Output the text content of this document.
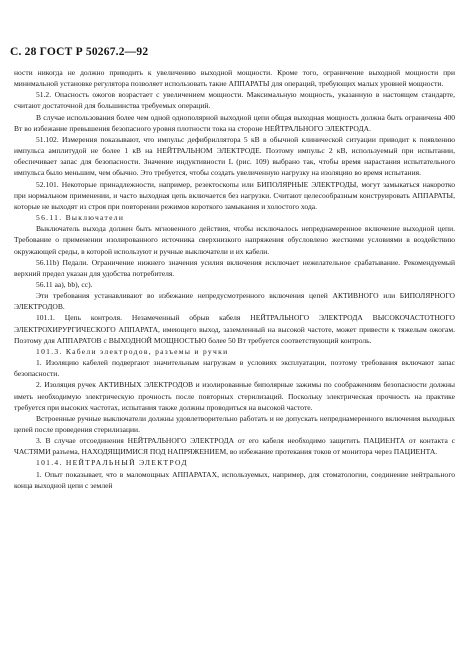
С. 28 ГОСТ Р 50267.2—92

ности никогда не должно приводить к увеличению выходной мощности. Кроме того, ограничение выходной мощности при минимальной установке регулятора позволяет использовать такие АППАРАТЫ для операций, требующих малых уровней мощности.

51.2. Опасность ожогов возрастает с увеличением мощности. Максимальную мощность, указанную в настоящем стандарте, считают достаточной для большинства требуемых операций.

В случае использования более чем одной однополярной выходной цепи общая выходная мощность должна быть ограничена 400 Вт во избежание превышения безопасного уровня плотности тока на стороне НЕЙТРАЛЬНОГО ЭЛЕКТРОДА.

51.102. Измерения показывают, что импульс дефибриллятора 5 кВ в обычной клинической ситуации приводит к появлению импульса амплитудой не более 1 кВ на НЕЙТРАЛЬНОМ ЭЛЕКТРОДЕ. Поэтому импульс 2 кВ, используемый при испытании, обеспечивает запас для безопасности. Значение индуктивности L (рис. 109) выбрано так, чтобы время нарастания испытательного импульса было меньшим, чем обычно. Это требуется, чтобы создать увеличенную нагрузку на изоляцию во время испытания.

52.101. Некоторые принадлежности, например, резектоскопы или БИПОЛЯРНЫЕ ЭЛЕКТРОДЫ, могут замыкаться накоротко при нормальном применении, и часто выходная цепь включается без нагрузки. Считают целесообразным конструировать АППАРАТЫ, которые не выходят из строя при повторении режимов короткого замыкания и холостого хода.

56.11. Выключатели

Выключатель выхода должен быть мгновенного действия, чтобы исключалось непреднамеренное включение выходной цепи. Требование о применении изолированного источника сверхнизкого напряжения обусловлено жесткими условиями в воздействию окружающей среды, в которой используют и ручные выключатели и их кабели.

56.11b) Педали. Ограничение нижнего значения усилия включения исключает нежелательное срабатывание. Рекомендуемый верхний предел указан для удобства потребителя.

56.11 аа), bb), cc).

Эти требования устанавливают во избежание непредусмотренного включения цепей АКТИВНОГО или БИПОЛЯРНОГО ЭЛЕКТРОДОВ.

101.1. Цепь контроля. Незамеченный обрыв кабеля НЕЙТРАЛЬНОГО ЭЛЕКТРОДА ВЫСОКОЧАСТОТНОГО ЭЛЕКТРОХИРУРГИЧЕСКОГО АППАРАТА, имеющего выход, заземленный на высокой частоте, может привести к тяжелым ожогам. Поэтому для АППАРАТОВ с ВЫХОДНОЙ МОЩНОСТЬЮ более 50 Вт требуется соответствующий контроль.

101.3. Кабели электродов, разъемы и ручки

1. Изоляцию кабелей подвергают значительным нагрузкам в условиях эксплуатации, поэтому требования включают запас безопасности.

2. Изоляция ручек АКТИВНЫХ ЭЛЕКТРОДОВ и изолированные биполярные зажимы по соображениям безопасности должны иметь необходимую электрическую прочность после повторных стерилизаций. Поскольку электрическая прочность на практике требуется при высоких частотах, испытания также должны проводиться на высокой частоте.

Встроенные ручные выключатели должны удовлетворительно работать и не допускать непреднамеренного включения выходных цепей после проведения стерилизации.

3. В случае отсоединения НЕЙТРАЛЬНОГО ЭЛЕКТРОДА от его кабеля необходимо защитить ПАЦИЕНТА от контакта с ЧАСТЯМИ разъема, НАХОДЯЩИМИСЯ ПОД НАПРЯЖЕНИЕМ, во избежание протекания токов от монитора через ПАЦИЕНТА.

101.4. НЕЙТРАЛЬНЫЙ ЭЛЕКТРОД

1. Опыт показывает, что в маломощных АППАРАТАХ, используемых, например, для стоматологии, соединение нейтрального конца выходной цепи с землей
